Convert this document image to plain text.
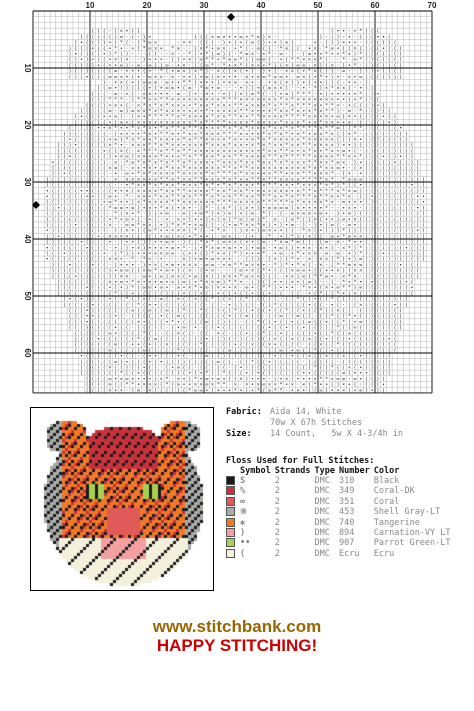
( ( ( · ) × • ( )	( • • · • * ( ( (
( ( ( ( ( ( ) ∞ · ( · ) •	( ( ( × ∞ × • • ∞ • * × ) × ·	) · ( ) · • · ) ( ( • • (
) • ( ( ( ) • ) * ( · ( * ∞ ×	· • × · ( ( ( · ) • ( • ( ∞ ( ) • • ) ∞ (	• · ( ) ) × • • · ( ( ( ( ) (
) ( ( ( • ( ( • * • · • ( * ∞ × • * ∞ · · ) × * • ∞ × · • * ( · ∞ ( ) · * ∞ ( ( • × · * ∞ • ( ( × ( ( ( ( • ( ( (
) • ) ) ( ( • ) * ) ) · · · ( ( · · × · · * ( • * ( ∞ ) ( · * ∞ × · • * · ∞ · ( · ( ∞ • • * • • * × ) * ( ( ( ( ( ( (
( ) • ) • ( ( • × ) × · · ) • • • · ( ) • × ) ∞ * * • * ∞ ∞ * ( ( ∞ ∞ ) · • ( * * × × × * ) · · * · ∞ * ( ) ( ( ( ( )
( ( ) ( ) • ( • • ∞ ) · ∞ · ∞ ( ) ∞ · • × · ( ( ∞ * · * • × * ) × • • * ) ( × ( ∞ ∞ · × ) ) × · ) • * · ( ) ( ) ) ( )
) ( ) ) ( ( ( ( ∞ · • • • ( • · * ( • ∞ × ) × * ) · × ( ( × ( • ) · ) • ( · × × ( • * × ( ( ) · ∞ · · ) ) ) • ( ) ( (
( ) ( • ( ( ( ∞ ∞ × • ( • · ∞ × × · × · • • ) • ∞ ( × • • • · × • × ∞ * ∞ ∞ • · ∞ × ( • * • ) • · × • ∞ ) ( ( ( ) ) (
) · • × ( • ) ∞ ∞ ∞ · ∞ • • * * ( • • × ) • × ∞ · × • · · • × ( × ) ) • ) • • ) ) ( · • • · )
( ( ∞ • ( ) ) ( ( • ( • ∞ ∞ • ( ∞ · * ∞ • ∞ · · · • ) ) • ( ∞ × × ) · · • · * ) × * × × ( · • ) (
( ( ( · ∞ · • ( · × × • • • · ∞ · ) • · × • · • ) ( × ) ∞ * ( · ) • ∞ ) * * * · • ( • • • • • * ( ) •
( ( ( * * * · ) * * × × * * × × × × × × × × × * * * × × × × × × × * × * × × × × × × × • • ) • * ( ( (
( ( ( ) • × • ( · × * × * × * × × • • * × × * × × • * * • × × × * • * * × * * * × • * * • · • ( ( ( ) • (
) ( ) ( ( ∞ · ∞ ) ∞ × × * × * × × × • × × • * • × × × × * * × • • × * × × * × • × * × * * ) · ∞ · * ( ( ) ) (
( • ( ( ( • • ∞ ( · ( × • * * * * * × * × × × × * × × * * × • * * × × × × * * * * × × • × • ∞ ) × • ( ( ( ( • ( (
) ( ) ( ) ( • ( ∞ • ( × × × × × × × × × × * × * * * * • × × × * × × × × * × × × * • × * × × • • × · ( ( ( ( ( • )
( ) ) ( ( • • × * • • * × * × • * × * * × * * × • × × * × * × * × × × * × × * × * * * * × * * ∞ ) ( * * ) ( ( ( ( ( •
) ) ( ) ) ( ( ( · ( × • • • * × • * * × • * × × * × × × * * * × × • × * × * × * • × * • × × * × ( ) × * · ( ( ( ) ( ( ( )
( • ( ( ( ) ( ) • ∞ ) * × * × × * × × • × * × * * × × × × * × • × × * × * × × × × × * × × × × × ( ) ) × • ) ( ) ( ) ( ( (
( ) ) • ) ( ( ) ) × * • · × × × * * × * × × • × × × * × × × * × × • × * × * × × * × × * * × × × × ) × • ) ) ( ( ) ( ( ) ( ( (
) ( ( ( ( ( ( ( • ( ) × ( · × * * * × * * × * * × × × × × × × × × × × • * × × * * × • × * × • * × • ∞ • ( · ( ) ( ) ( ) ) ( (
( ( • ( ( ( ( ( ( ) • × ∞ ) × × × × * • • × * × * * × × * × × * * × × × × * * × * * * * * × × × × * * × • * ) ( ( • ( ) • ( )
• ( ( ( ) ( ( ) ( ) · × · * ∞ * × * × * × * * × * × × × • * × × × * × × * × × * × * × × × * * × × * ∞ × · ) • ( ( ) ) ) • ) ( ) )
( ) ) ( ( ( ( ) ( ( × ∞ ( · × × • × • × * × × * × × × × × × * * × * * × × × × × × × × × × * × * × × ∞ • · ( × ) ( ( ( ) ( ( ( ( (
) ) • ( ( ) ( ) ( ( · • · ∞ • * × * × × × × * × × × × * × * * * × * × × • × × * * • × × * * × × × * · ( • · • ( ( ) ( ) ) ) ( ) )
) ( ( ( ) ( ( ( ( ( ) · × · × × × × • × * * × * • × * * • × × * × * • × * * × * * × × × × * * * * × * · * ∞ ∞ ∞ ( ( ( ( ( ) ) ( ) ( (
) ( ( ) ( ( ( ( ( ( ( ( · · • * × × * × * × × * × × × * × * • * × * × × × * × * * × × • * × × × * × * ) * ( ( • ( ( ) ( ( ) ) ( • ) (
• ( ( ( ( ( • • ( ) ( ( • • × ( × × × × * × × * * × × × × * × × * × × * • × × × × × × • × * * × * * * × * × ∞ ) ( ( ( ( ( ( ( ) ( ) (
• ( ( ) ( ( ( • • ( ( ∞ • · * · × × • * × • * * × × * * * × * • × * * × × * * * × • * × * * * × * * × • * × · ) ( • ( ) ) ( ( ( ( • •
( ( ) ( ) ( ( ( ( ) • ∞ * • • ) × * × × × × * * × × × × × × * * * × × × × × * * * * * × * × × × × * × · ∞ • • • ( ) ( ( ( ( ) ( ( ( •
( ) • ( ) ) ( ( ( ( ( * ∞ ∞ • ∞ ( • × • * × ( • × • · ( * · ( × * ( ( × • ) • ∞ ∞ ∞ ∞ ( × • • • • * · · • × • · ( ( ) ( ( ( ( ( ( • (
( ( ( ) ) ( ( ( ( ( ( · * ( × • * · ) ( • ∞ · · ∞ ) • ∞ * ) × ) ∞ ( • ( ∞ · * ) · ( · ∞ × ∞ ∞ • ∞ • · ) • ∞ ) ( ( ( ( ( ( ) ( ( ( ) (
) ) ( ( ( ( ( ( ( ) ( • * • ∞ • ( · • ( · • · × • ) • • ) × ( × ) * ∞ ) ∞ ) * · × · ( ∞ * ( ) × ( • • ) ∞ • × ( ( ) ( ( ( ( ( ) ( ) (
) ( ( ( ) • ( ) ( ( ) × · · ∞ ∞ * × × ) • ) * × * • × ∞ ( ) · ( • ∞ * × × * × ( • ) • ∞ · ) · ) • ) ∞ ( · ∞ • ) ) ( ( ) ) ( ( ( ( ( (
• ) ) ( ( ( ( ( ( ( ( · ( ( × • ) ( ∞ * • • • × × ) * ( · • * × · ( ) × • ) ∞ × • • ( ( · * × ( • ) ) ) * ) ) ) ( ( ) ( ( ( ( ) ) • (
) ) • ) ) ( ( ( ( • ( × × × × ( ) · ( ) • ∞ ) × ( • * × • ( · ∞ × ( · ( • · · * · • ( * ) ( × ( ) · ∞ • * ∞ • × ) ) ( ( ( ( ) ( ( ( )
( ) ) ( ( ( • ( ) ) ( • · ( • • ( ) ) • • ∞ × · ) ( ( * × * ( ∞ × × ( × • ( ∞ · * × ∞ * ∞ ( ) · ( ∞ · × · * • • ( ) ( ) ( ) ) ( ) ( (
• ( ) ( ( ( ) • ( ) ( · • ( ) • × ) • • × • ∞ • * · ) • * × ∞ • ∞ • • ) • ∞ × · • ∞ ( ) • • × · × • ) · × * ) * ) ( ) ( ( ) ( • ( ( (
( ( ) • ) ( ( ( ( ( • · ( * ) ) • × • × × ∞ ∞ · ( • • ( ) * • × ( * ) • • • * · • ∞ · • * • × × · ∞ · ∞ · • ) * ( ( ) • ( ( ( ) ( ) )
• ( ) ( ( ( ( ( ( ( ( × × • · * · * • · • · · · × ) • ∞ • ∞ • × • · · ( ( ) · ) × ) ) * • · × · × × ( * ) • ) ∞ ( ) ( ( ) ) ( ( ( ) (
) ( ( • ) ( ( • ( ( · ) • • • · ) • × ( • ∞ • × × × · ∞ ∞ · • ∞ * * ∞ × × • · * ) * • * × ( · × · ( * * ∞ × ∞ ( ( ( ( ( ( • ( ( (
) ( ) ( ( ( ) ( ( ( ) • ∞ ∞ ( ) × ∞ * • ∞ • ( ( × · ( • × · · · ( ∞ • × ( * • ( ( ( × ∞ ∞ • ( ( • • × ) ( × × ( ( ( ( ( ) ( ( ( (
( ( ( ( • ( ) ) ( ( ) ) × × · · ∞ • ( ∞ ) ∞ × ( • ∞ ) × ) ) × × • * ∞ × • ) ( ( · • × ) ∞ ( * * ∞ • · × * × · ( ( ) ( ( ) ( ( ( )
) ) ( ( ( ( ) ) ( × • ∞ • * × • × • ∞ • × ) ∞ ) • * × × ∞ ) * * • · ( ) ( ( • • ) × • ( ∞ ) · · ( · * • * • ) • ( ) ( ( ( • (
) ( ( ( ( • ( ( ( • ) • ) * ( ∞ ∞ • ∞ • · ∞ • × * • ∞ ) × • • × · ∞ • ( * * ) • • • · * × • ( × • ∞ * * ) ∞ ( ( ) ) ( ) ( ) •
) ( ( ( ) ( ( ( ( ( * ( ( • ( ( ( ( ( ) ( ( • ( ( • ( ( • ( ( • ( ( • ( ( • ( ( · ( ( · • ( * ( ( * • ( × ( ( ) ( ( ( ( ( ( (
( • ( • ) ) ( ( • ( ( * ( ( × ( ( ∞ ( ( × ( ( × ( ( * ( ( × ( ( * ( ( ( ( ( · ( ( * ( ( • ( ( * ( ( ) ( ( ( ) ) ( ) ) ( (
( ( ( ) ( • ( ( ( ( ( ( ( * ( • • ( ( ) ( ( ( ( ( · ( ( · • ( ) ( ( · ( ( * ( ( ) ( ( • ( ( · • ( · ( ( × ( ( ( ( ( • ( (
( ( ) • ) ( ( ( ) ( ( ∞ ( ( ∞ ( ( ∞ ( ( * ( ( * ( ( ) ( ( * ( ( • ( ( • ( ( * ( ( • ( ( * ( ( × ( ( · ( ( ( ( ( ) ( (
( ) ) • • ) ( ) • ( · ( ( ( ( ( • ( ( ∞ ( ( ( ( ( ) ( ( • ( ( ∞ ( ( · ( ( ∞ ( ( ∞ ( ( · ( ( * ( ( * • ( ( ) ) ( ( ( (
( ( ( • ( ( ( ( ( ( ( ( × • ( ( ( • * • ( ) ( ( ∞ ( ( ) ( ( · ( ( * ( ( • ( ( • ( ( ∞ ( ( × ( ( * ( • ∞ ( ( ( ( ) ( )
( ( ( ) ( ( ( ( • ( ( · ( ( ( ( ( · ( • ∞ ( • · ( ( • ( ( ( ( ( ) ( ( • ( ( • ( ( • ( ( ) ( ( * ( ( ∞ ( ( ( ( ) ( ( (
( ( ( ) ( ( ∞ • ( ) ( ( * ( ( · ( ( × ( ( · ( ( · • ( · ( ( • ( ( * ( ( • ( ( ( ( ( • ( ( * ( ( ∞ ( ( ( ) ( ( ( (
) ( ) ( • ( ( ( ( ( ( * ( ( ∞ ( ( ) ( ( ) ( ( • ( ( ) ( ( ) ( ( ) ( ( × ( ( × ( ( × ( ( • ( ( ) • ( ( ( ( ( ) • (
( ( ( ( ) ( ( ∞ ( ( • • ( • ( ( × ( ( ( ( ( * ( ( ( ( ( • ( ( × ( ( × • ( ) ( ( · ( ( × ( ( * ( ( ( ( ( ( ( ) ( (
( ( ) ) ( ( ∞ ( ( ( ( ( ∞ ( ( ( ( ( * ( ( ) ( ( · ( ( ∞ ( ( ) ( ( · ( ( ∞ ( • ∞ ( ( * ( ( • ( ( ( ( ( ( ( ( ( ( (
• ( ) ) ( ( ( • ( ( · ( • • ( ( ( • ( · ( ( ∞ ( ( ) ( ( ( ( ( ) ( ( • ( ( • ( ( × ( ( × ( ( × ( ( • ( ( ( ( (
( ( ( ) ( ( ∞ ( • ) ( ( • ( • ) ( ( ) ( ( ) ( ( ∞ ( ( · ( ( * ( ( • ( ( ) ( ( · ( ( ) ( ( · ( ( ( ( ( ( ) ( )
( ( ( ) ( × ( ( ) ( ( • ( ( · ( • ∞ ( ( · ( ( ( ( ( · ( • ) ( ( ( ( ( ( ( ( ( ( ( * ( ( * ( ( × ( • ( ) ( ( (
( ( ) ) ) ( ( * ( ( × ( ( ( ( ( ( ( ( • ( • * ( ( * ( ( ( • ( • ( ( ( ( ( ( ( • • ( ( ( ( ( ∞ ( • • • ( ( ( (
( ( ) ( ∞ • × ∞ × • • • ) × * · × • ) * • ∞ • ∞ • ) ) × ) • • • · ) • × ( • • • × * * × ∞ ∞ · ∞ • ( ( ) (
( ( ( ( ∞ ( ( * * • × × × ( * ( ∞ • • × × ∞ × * * · × · × • × ∞ × × * • × · ∞ ) * • • ( ) × • ( · ) ( ( •
( ( ( ( × • • · ) ∞ · × ( ( ( ) ) ( * ∞ ∞ • ( • • • * • ( • * ( ∞ * * · • × • ) ( ∞ ( • • × ) • ∞ ( • ) (
10	20	30	40	50	60	70
10
20
30
40
50
60
Fabric: Aida 14, White
70w X 67h Stitches
Size: 14 Count,   5w X 4-3/4h in
Floss Used for Full Stitches:
	Symbol	Strands	Type	Number	Color
	S	2	DMC	310	Black
	%	2	DMC	349	Coral-DK
	∞	2	DMC	351	Coral
	※	2	DMC	453	Shell Gray-LT
	✱	2	DMC	740	Tangerine
	)	2	DMC	894	Carnation-VY LT
	••	2	DMC	907	Parrot Green-LT
	(	2	DMC	Ecru	Ecru
www.stitchbank.com
HAPPY STITCHING!
